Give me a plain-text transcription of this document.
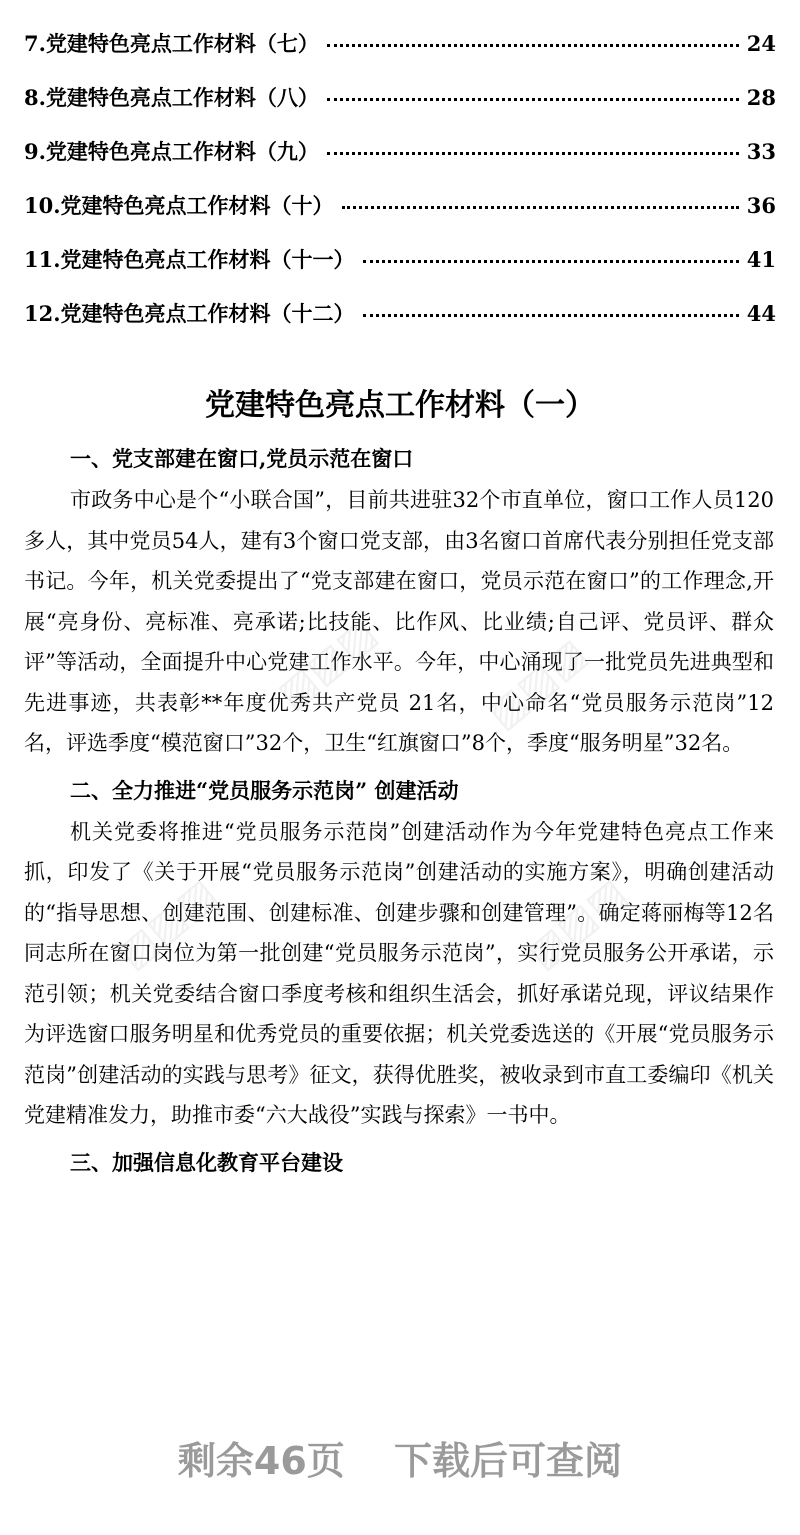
7.党建特色亮点工作材料（七）	24
8.党建特色亮点工作材料（八）	28
9.党建特色亮点工作材料（九）	33
10.党建特色亮点工作材料（十）	36
11.党建特色亮点工作材料（十一）	41
12.党建特色亮点工作材料（十二）	44
党建特色亮点工作材料（一）
一、党支部建在窗口,党员示范在窗口

市政务中心是个“小联合国”，目前共进驻32个市直单位，窗口工作人员120多人，其中党员54人，建有3个窗口党支部，由3名窗口首席代表分别担任党支部书记。今年，机关党委提出了“党支部建在窗口，党员示范在窗口”的工作理念,开展“亮身份、亮标准、亮承诺;比技能、比作风、比业绩;自己评、党员评、群众评”等活动，全面提升中心党建工作水平。今年，中心涌现了一批党员先进典型和先进事迹，共表彰**年度优秀共产党员 21名，中心命名“党员服务示范岗”12名，评选季度“模范窗口”32个，卫生“红旗窗口”8个，季度“服务明星”32名。

二、全力推进“党员服务示范岗” 创建活动

机关党委将推进“党员服务示范岗”创建活动作为今年党建特色亮点工作来抓，印发了《关于开展“党员服务示范岗”创建活动的实施方案》，明确创建活动的“指导思想、创建范围、创建标准、创建步骤和创建管理”。确定蒋丽梅等12名同志所在窗口岗位为第一批创建“党员服务示范岗”，实行党员服务公开承诺，示范引领；机关党委结合窗口季度考核和组织生活会，抓好承诺兑现，评议结果作为评选窗口服务明星和优秀党员的重要依据；机关党委选送的《开展“党员服务示范岗”创建活动的实践与思考》征文，获得优胜奖，被收录到市直工委编印《机关党建精准发力，助推市委“六大战役”实践与探索》一书中。

三、加强信息化教育平台建设
▨▨▨ ▨▨▨
▨▨▨	▨▨▨
剩余46页 下载后可查阅
